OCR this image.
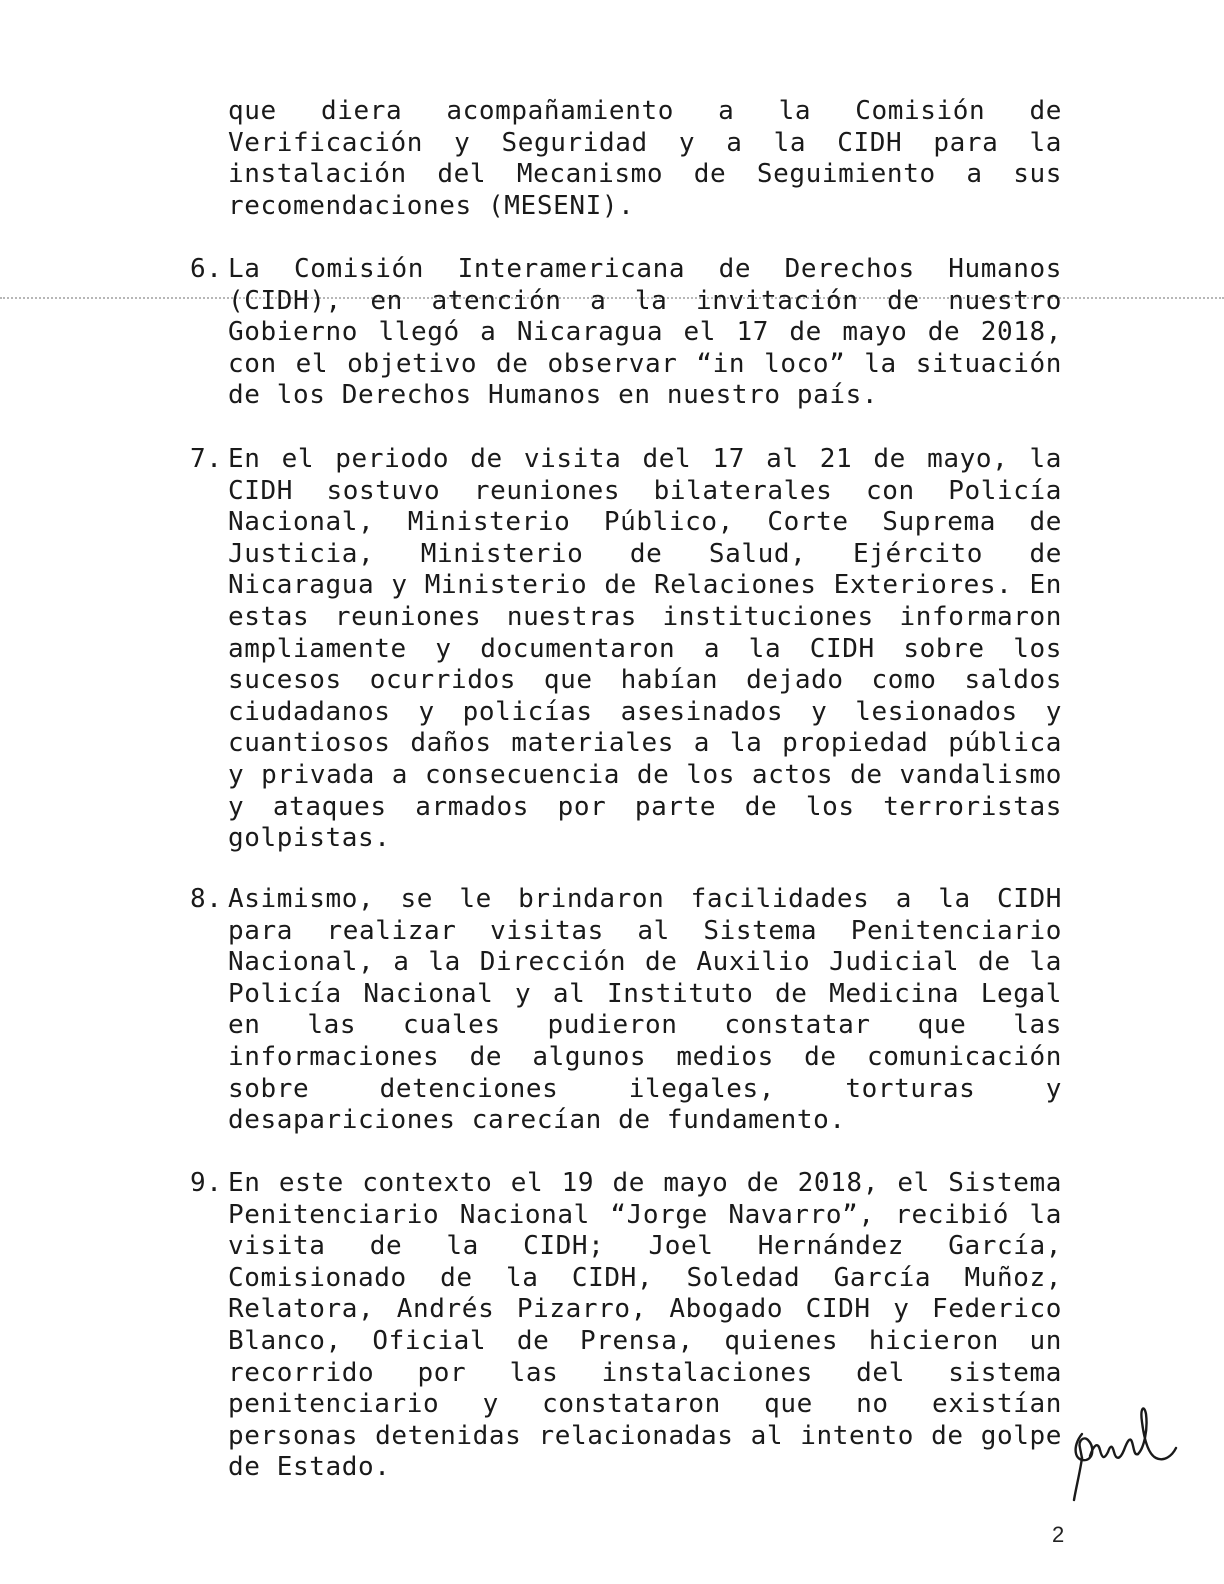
que diera acompañamiento a la Comisión de Verificación y Seguridad y a la CIDH para la instalación del Mecanismo de Seguimiento a sus recomendaciones (MESENI).

6. La Comisión Interamericana de Derechos Humanos (CIDH), en atención a la invitación de nuestro Gobierno llegó a Nicaragua el 17 de mayo de 2018, con el objetivo de observar “in loco” la situación de los Derechos Humanos en nuestro país.

7. En el periodo de visita del 17 al 21 de mayo, la CIDH sostuvo reuniones bilaterales con Policía Nacional, Ministerio Público, Corte Suprema de Justicia, Ministerio de Salud, Ejército de Nicaragua y Ministerio de Relaciones Exteriores. En estas reuniones nuestras instituciones informaron ampliamente y documentaron a la CIDH sobre los sucesos ocurridos que habían dejado como saldos ciudadanos y policías asesinados y lesionados y cuantiosos daños materiales a la propiedad pública y privada a consecuencia de los actos de vandalismo y ataques armados por parte de los terroristas golpistas.

8. Asimismo, se le brindaron facilidades a la CIDH para realizar visitas al Sistema Penitenciario Nacional, a la Dirección de Auxilio Judicial de la Policía Nacional y al Instituto de Medicina Legal en las cuales pudieron constatar que las informaciones de algunos medios de comunicación sobre detenciones ilegales, torturas y desapariciones carecían de fundamento.

9. En este contexto el 19 de mayo de 2018, el Sistema Penitenciario Nacional “Jorge Navarro”, recibió la visita de la CIDH; Joel Hernández García, Comisionado de la CIDH, Soledad García Muñoz, Relatora, Andrés Pizarro, Abogado CIDH y Federico Blanco, Oficial de Prensa, quienes hicieron un recorrido por las instalaciones del sistema penitenciario y constataron que no existían personas detenidas relacionadas al intento de golpe de Estado.

2
